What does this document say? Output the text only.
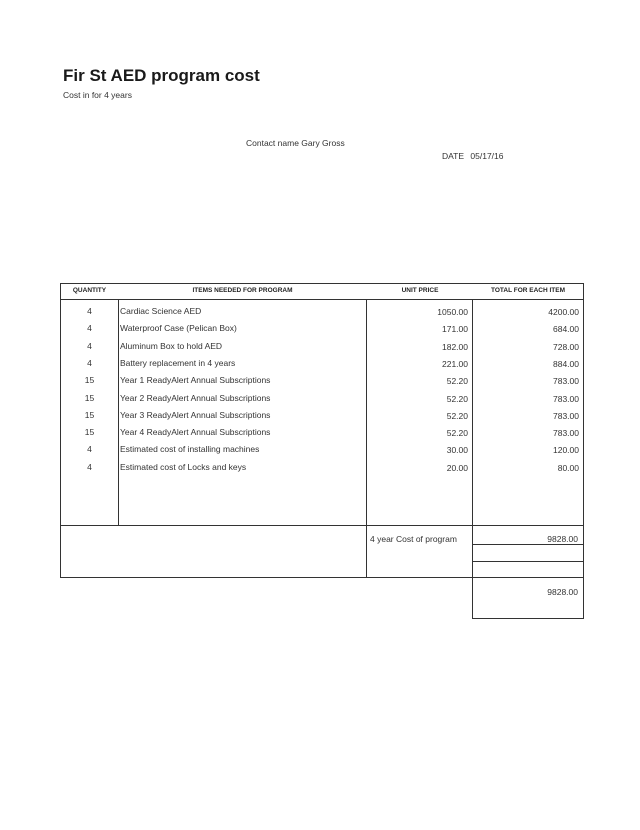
Fir St AED program cost
Cost in for 4 years
Contact name Gary Gross
DATE 05/17/16
QUANTITY	ITEMS NEEDED FOR PROGRAM	UNIT PRICE	TOTAL FOR EACH ITEM
4	Cardiac Science AED	1050.00	4200.00
4	Waterproof Case (Pelican Box)	171.00	684.00
4	Aluminum Box to hold AED	182.00	728.00
4	Battery replacement in 4 years	221.00	884.00
15	Year 1 ReadyAlert Annual Subscriptions	52.20	783.00
15	Year 2 ReadyAlert Annual Subscriptions	52.20	783.00
15	Year 3 ReadyAlert Annual Subscriptions	52.20	783.00
15	Year 4 ReadyAlert Annual Subscriptions	52.20	783.00
4	Estimated cost of installing machines	30.00	120.00
4	Estimated cost of Locks and keys	20.00	80.00
4 year Cost of program	9828.00
9828.00
